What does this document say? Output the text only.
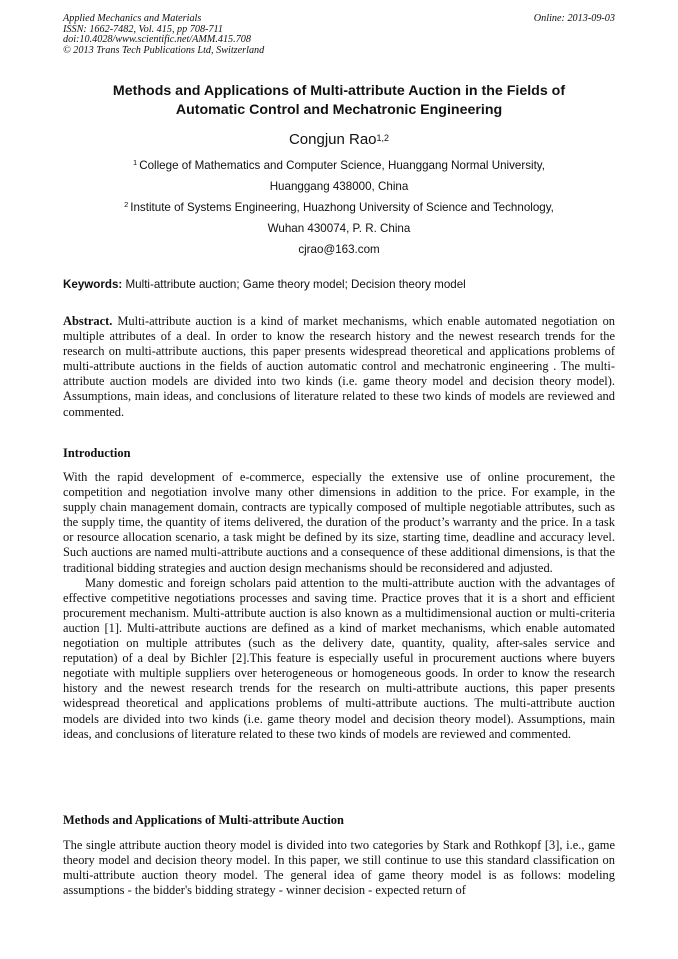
Applied Mechanics and Materials
ISSN: 1662-7482, Vol. 415, pp 708-711
doi:10.4028/www.scientific.net/AMM.415.708
© 2013 Trans Tech Publications Ltd, Switzerland
Online: 2013-09-03
Methods and Applications of Multi-attribute Auction in the Fields of
Automatic Control and Mechatronic Engineering
Congjun Rao$^{1,2}$
$^1$ College of Mathematics and Computer Science, Huanggang Normal University,
Huanggang 438000, China
$^2$ Institute of Systems Engineering, Huazhong University of Science and Technology,
Wuhan 430074, P. R. China
cjrao@163.com
Keywords: Multi-attribute auction; Game theory model; Decision theory model
Abstract. Multi-attribute auction is a kind of market mechanisms, which enable automated negotiation on multiple attributes of a deal. In order to know the research history and the newest research trends for the research on multi-attribute auctions, this paper presents widespread theoretical and applications problems of multi-attribute auctions in the fields of auction automatic control and mechatronic engineering . The multi-attribute auction models are divided into two kinds (i.e. game theory model and decision theory model). Assumptions, main ideas, and conclusions of literature related to these two kinds of models are reviewed and commented.
Introduction

With the rapid development of e-commerce, especially the extensive use of online procurement, the competition and negotiation involve many other dimensions in addition to the price. For example, in the supply chain management domain, contracts are typically composed of multiple negotiable attributes, such as the supply time, the quantity of items delivered, the duration of the product’s warranty and the price. In a task or resource allocation scenario, a task might be defined by its size, starting time, deadline and accuracy level. Such auctions are named multi-attribute auctions and a consequence of these additional dimensions, is that the traditional bidding strategies and auction design mechanisms should be reconsidered and adjusted.

Many domestic and foreign scholars paid attention to the multi-attribute auction with the advantages of effective competitive negotiations processes and saving time. Practice proves that it is a short and efficient procurement mechanism. Multi-attribute auction is also known as a multidimensional auction or multi-criteria auction [1]. Multi-attribute auctions are defined as a kind of market mechanisms, which enable automated negotiation on multiple attributes (such as the delivery date, quantity, quality, after-sales service and reputation) of a deal by Bichler [2].This feature is especially useful in procurement auctions where buyers negotiate with multiple suppliers over heterogeneous or homogeneous goods. In order to know the research history and the newest research trends for the research on multi-attribute auctions, this paper presents widespread theoretical and applications problems of multi-attribute auctions. The multi-attribute auction models are divided into two kinds (i.e. game theory model and decision theory model). Assumptions, main ideas, and conclusions of literature related to these two kinds of models are reviewed and commented.

Methods and Applications of Multi-attribute Auction

The single attribute auction theory model is divided into two categories by Stark and Rothkopf [3], i.e., game theory model and decision theory model. In this paper, we still continue to use this standard classification on multi-attribute auction theory model. The general idea of game theory model is as follows: modeling assumptions - the bidder's bidding strategy - winner decision - expected return of
